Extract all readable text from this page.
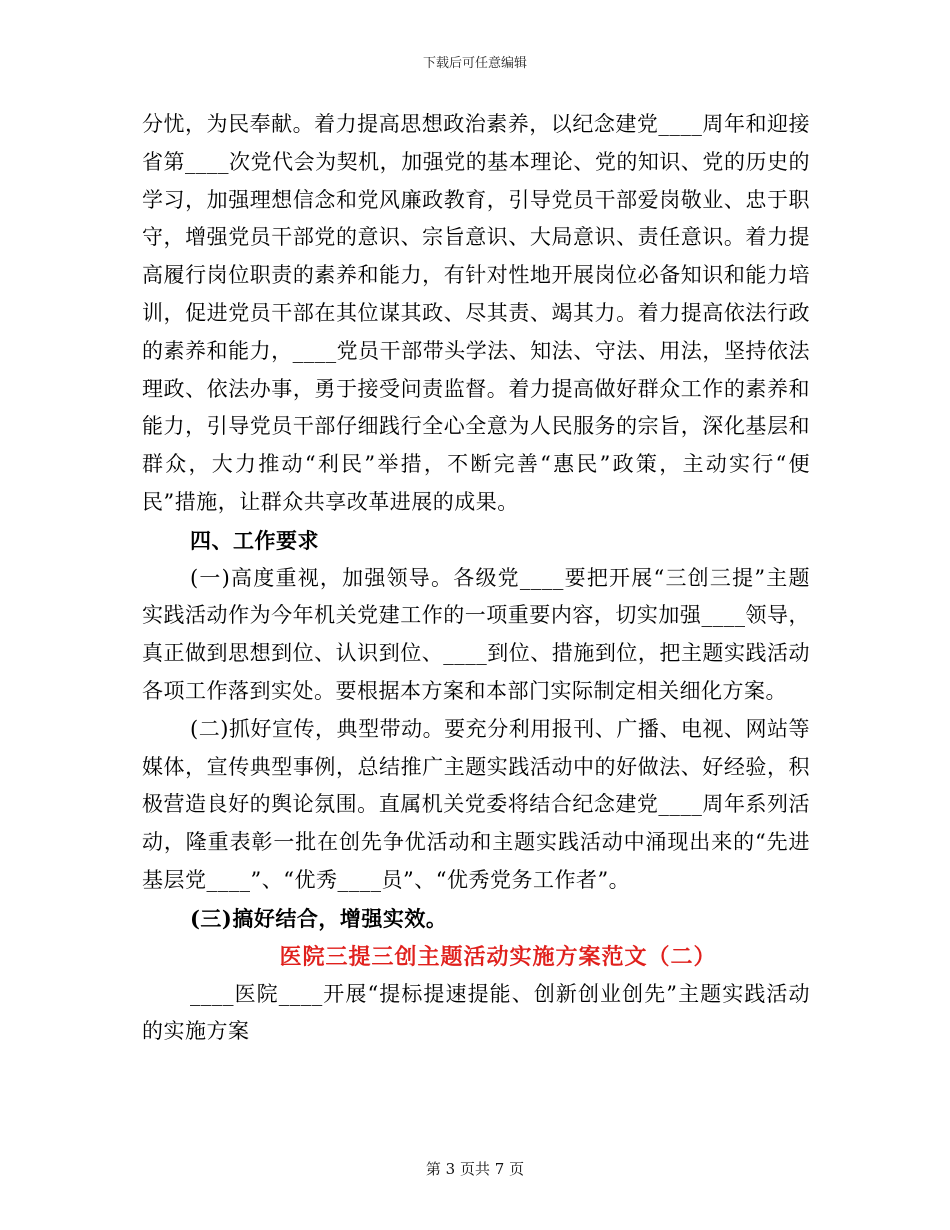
下载后可任意编辑

分忧，为民奉献。着力提高思想政治素养，以纪念建党____周年和迎接省第____次党代会为契机，加强党的基本理论、党的知识、党的历史的学习，加强理想信念和党风廉政教育，引导党员干部爱岗敬业、忠于职守，增强党员干部党的意识、宗旨意识、大局意识、责任意识。着力提高履行岗位职责的素养和能力，有针对性地开展岗位必备知识和能力培训，促进党员干部在其位谋其政、尽其责、竭其力。着力提高依法行政的素养和能力，____党员干部带头学法、知法、守法、用法，坚持依法理政、依法办事，勇于接受问责监督。着力提高做好群众工作的素养和能力，引导党员干部仔细践行全心全意为人民服务的宗旨，深化基层和群众，大力推动“利民”举措，不断完善“惠民”政策，主动实行“便民”措施，让群众共享改革进展的成果。

四、工作要求

(一)高度重视，加强领导。各级党____要把开展“三创三提”主题实践活动作为今年机关党建工作的一项重要内容，切实加强____领导，真正做到思想到位、认识到位、____到位、措施到位，把主题实践活动各项工作落到实处。要根据本方案和本部门实际制定相关细化方案。

(二)抓好宣传，典型带动。要充分利用报刊、广播、电视、网站等媒体，宣传典型事例，总结推广主题实践活动中的好做法、好经验，积极营造良好的舆论氛围。直属机关党委将结合纪念建党____周年系列活动，隆重表彰一批在创先争优活动和主题实践活动中涌现出来的“先进基层党____”、“优秀____员”、“优秀党务工作者”。

(三)搞好结合，增强实效。

医院三提三创主题活动实施方案范文（二）

____医院____开展“提标提速提能、创新创业创先”主题实践活动的实施方案

第 3 页共 7 页
